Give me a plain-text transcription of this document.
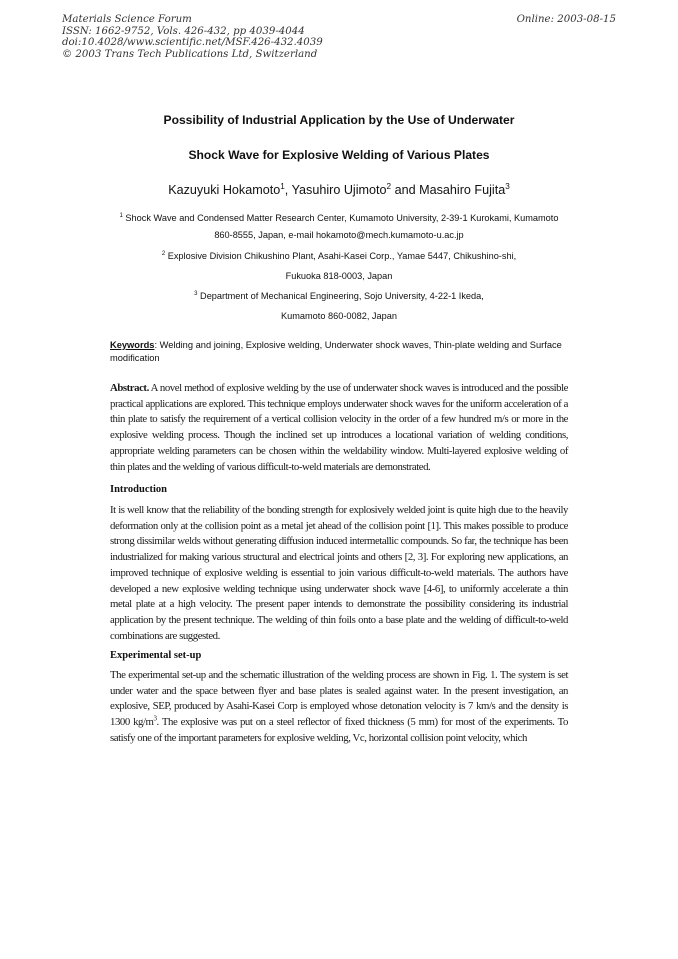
Materials Science Forum
ISSN: 1662-9752, Vols. 426-432, pp 4039-4044
doi:10.4028/www.scientific.net/MSF.426-432.4039
© 2003 Trans Tech Publications Ltd, Switzerland
Online: 2003-08-15
Possibility of Industrial Application by the Use of Underwater
Shock Wave for Explosive Welding of Various Plates
Kazuyuki Hokamoto$^1$, Yasuhiro Ujimoto$^2$ and Masahiro Fujita$^3$
$^1$ Shock Wave and Condensed Matter Research Center, Kumamoto University, 2-39-1 Kurokami, Kumamoto
860-8555, Japan, e-mail hokamoto@mech.kumamoto-u.ac.jp
$^2$ Explosive Division Chikushino Plant, Asahi-Kasei Corp., Yamae 5447, Chikushino-shi,
Fukuoka 818-0003, Japan
$^3$ Department of Mechanical Engineering, Sojo University, 4-22-1 Ikeda,
Kumamoto 860-0082, Japan
Keywords: Welding and joining, Explosive welding, Underwater shock waves, Thin-plate welding and Surface modification
Abstract. A novel method of explosive welding by the use of underwater shock waves is introduced and the possible practical applications are explored. This technique employs underwater shock waves for the uniform acceleration of a thin plate to satisfy the requirement of a vertical collision velocity in the order of a few hundred m/s or more in the explosive welding process. Though the inclined set up introduces a locational variation of welding conditions, appropriate welding parameters can be chosen within the weldability window. Multi-layered explosive welding of thin plates and the welding of various difficult-to-weld materials are demonstrated.
Introduction
It is well know that the reliability of the bonding strength for explosively welded joint is quite high due to the heavily deformation only at the collision point as a metal jet ahead of the collision point [1]. This makes possible to produce strong dissimilar welds without generating diffusion induced intermetallic compounds. So far, the technique has been industrialized for making various structural and electrical joints and others [2, 3]. For exploring new applications, an improved technique of explosive welding is essential to join various difficult-to-weld materials. The authors have developed a new explosive welding technique using underwater shock wave [4-6], to uniformly accelerate a thin metal plate at a high velocity. The present paper intends to demonstrate the possibility considering its industrial application by the present technique. The welding of thin foils onto a base plate and the welding of difficult-to-weld combinations are suggested.
Experimental set-up
The experimental set-up and the schematic illustration of the welding process are shown in Fig. 1. The system is set under water and the space between flyer and base plates is sealed against water. In the present investigation, an explosive, SEP, produced by Asahi-Kasei Corp is employed whose detonation velocity is 7 km/s and the density is 1300 $kg/m^3$. The explosive was put on a steel reflector of fixed thickness (5 mm) for most of the experiments. To satisfy one of the important parameters for explosive welding, Vc, horizontal collision point velocity, which
